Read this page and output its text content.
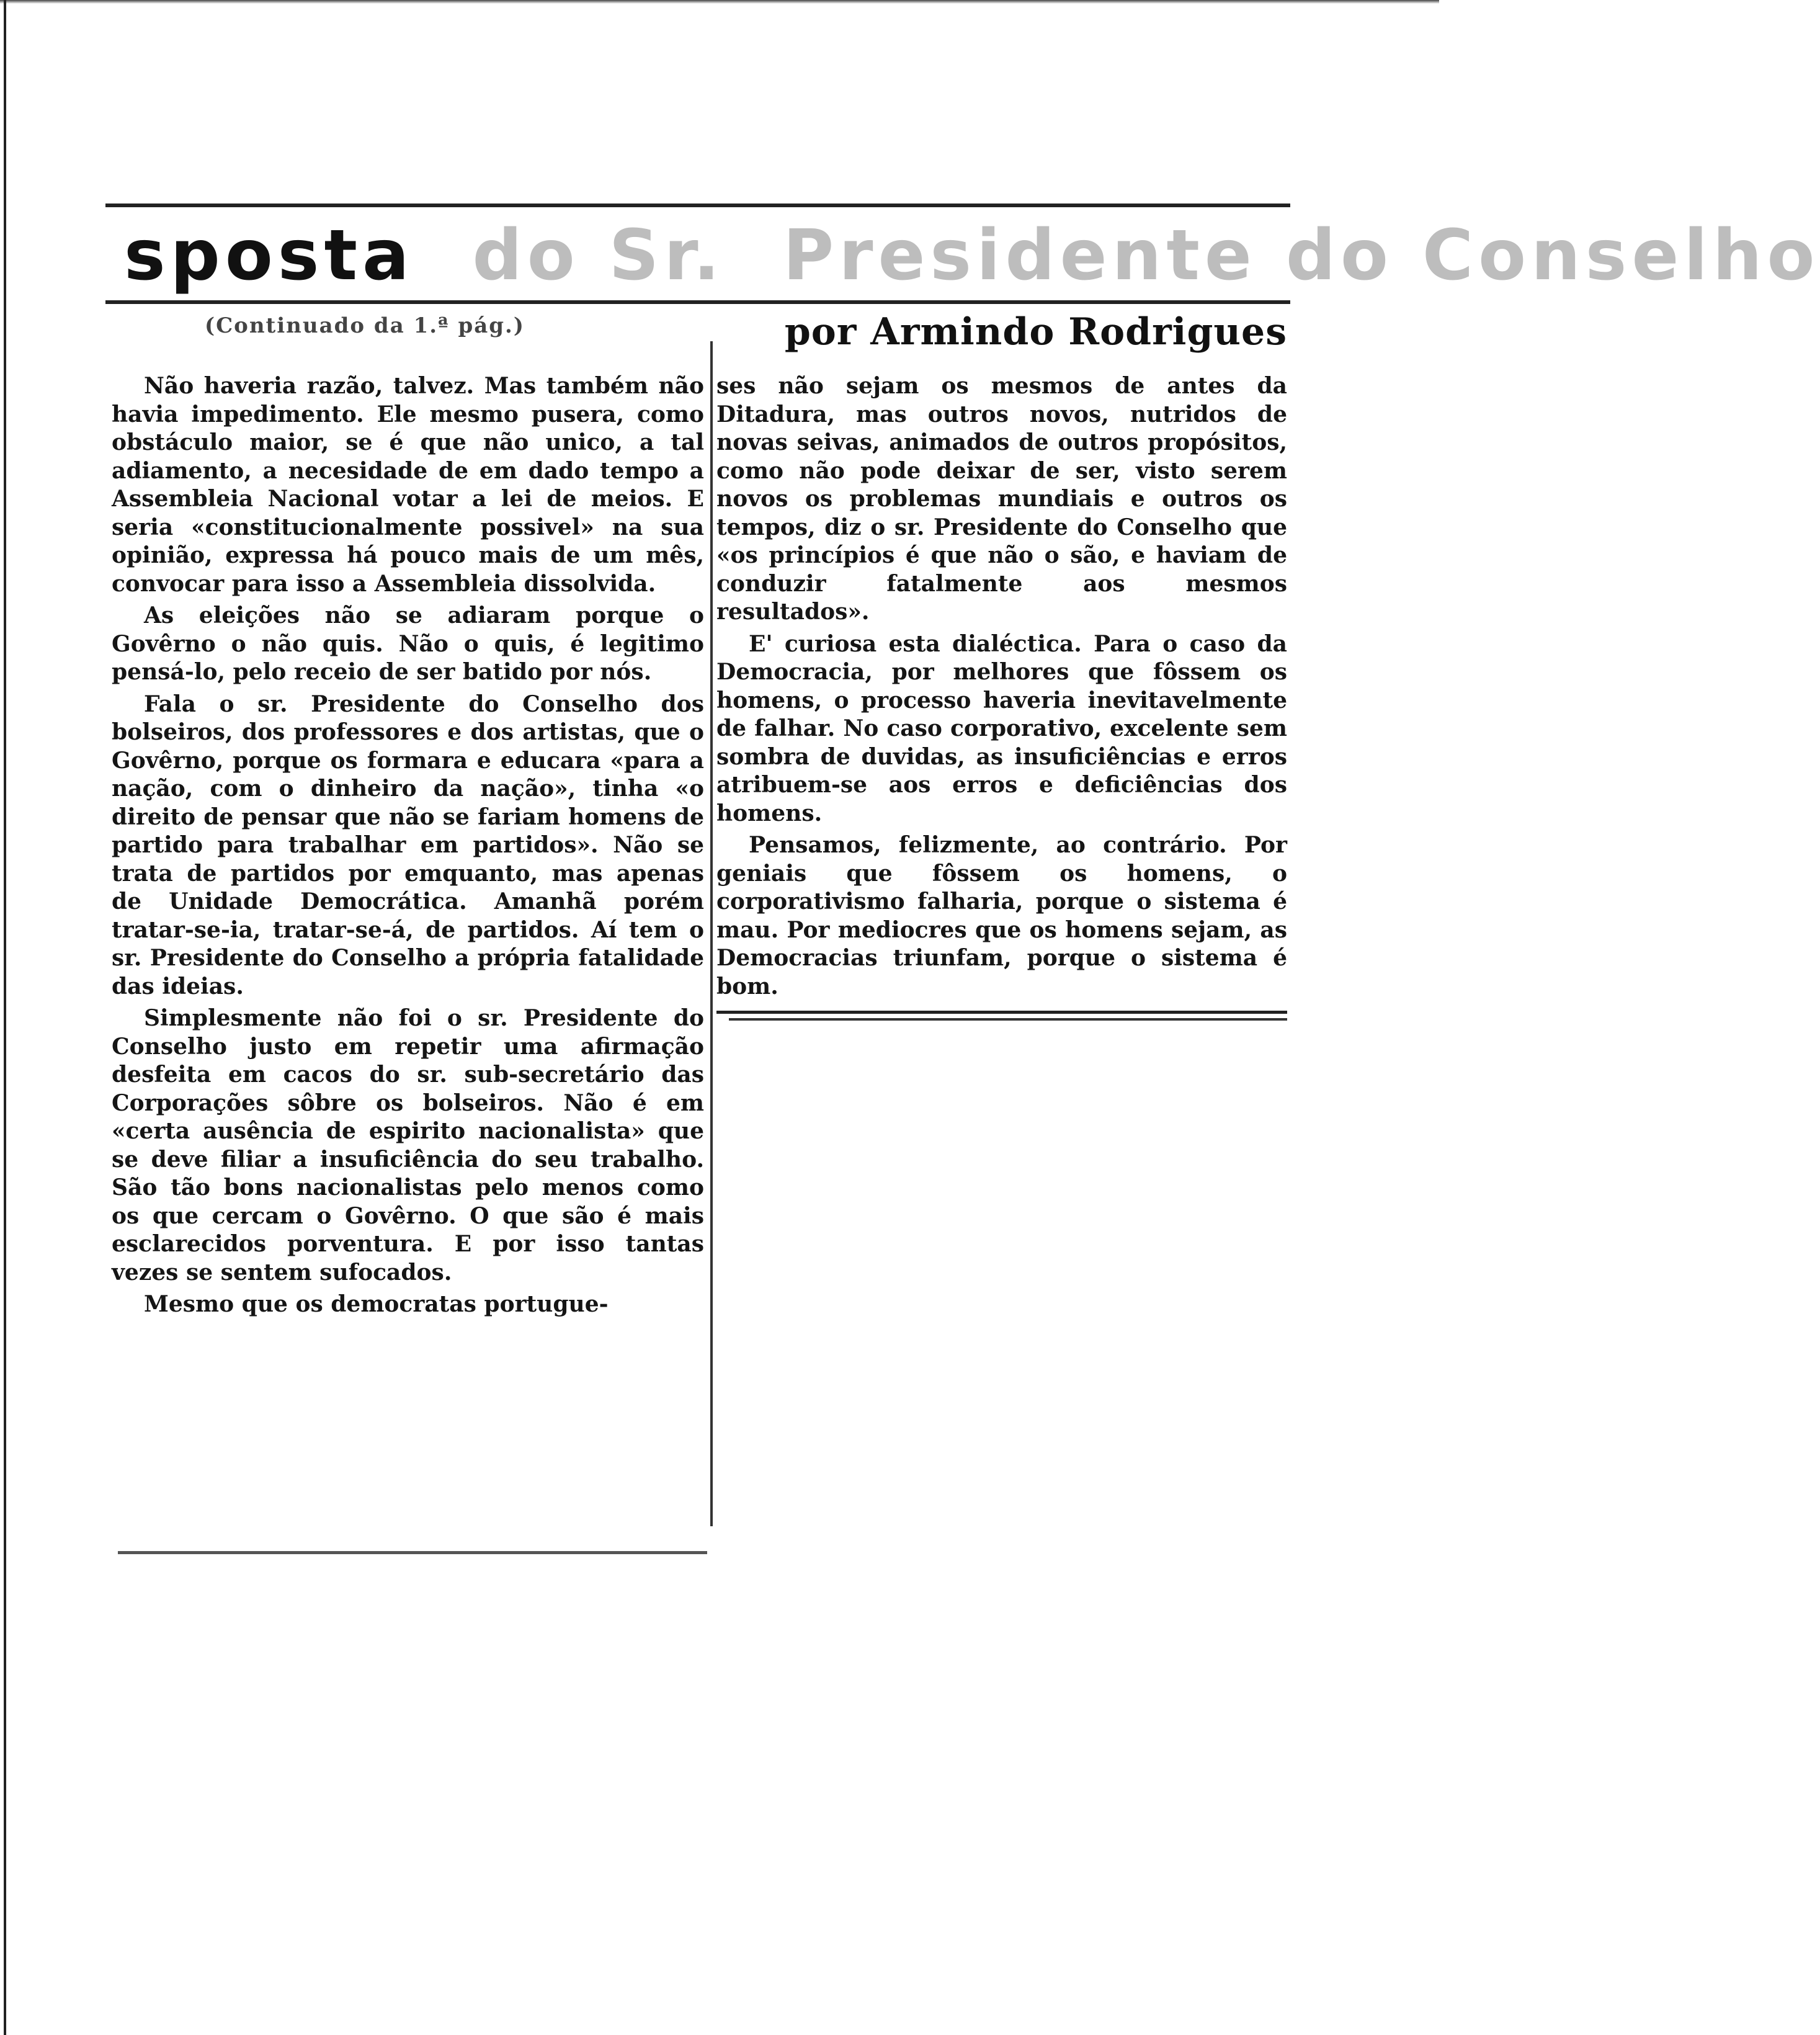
sposta do Sr. Presidente do Conselho
(Continuado da 1.ª pág.)

Não haveria razão, talvez. Mas também não havia impedimento. Ele mesmo pusera, como obstáculo maior, se é que não unico, a tal adiamento, a necesidade de em dado tempo a Assembleia Nacional votar a lei de meios. E seria «constitucionalmente possivel» na sua opinião, expressa há pouco mais de um mês, convocar para isso a Assembleia dissolvida.

As eleições não se adiaram porque o Govêrno o não quis. Não o quis, é legitimo pensá-lo, pelo receio de ser batido por nós.

Fala o sr. Presidente do Conselho dos bolseiros, dos professores e dos artistas, que o Govêrno, porque os formara e educara «para a nação, com o dinheiro da nação», tinha «o direito de pensar que não se fariam homens de partido para trabalhar em partidos». Não se trata de partidos por emquanto, mas apenas de Unidade Democrática. Amanhã porém tratar-se-ia, tratar-se-á, de partidos. Aí tem o sr. Presidente do Conselho a própria fatalidade das ideias.

Simplesmente não foi o sr. Presidente do Conselho justo em repetir uma afirmação desfeita em cacos do sr. sub-secretário das Corporações sôbre os bolseiros. Não é em «certa ausência de espirito nacionalista» que se deve filiar a insuficiência do seu trabalho. São tão bons nacionalistas pelo menos como os que cercam o Govêrno. O que são é mais esclarecidos porventura. E por isso tantas vezes se sentem sufocados.

Mesmo que os democratas portugue-

por Armindo Rodrigues

ses não sejam os mesmos de antes da Ditadura, mas outros novos, nutridos de novas seivas, animados de outros propósitos, como não pode deixar de ser, visto serem novos os problemas mundiais e outros os tempos, diz o sr. Presidente do Conselho que «os princípios é que não o são, e haviam de conduzir fatalmente aos mesmos resultados».

E' curiosa esta dialéctica. Para o caso da Democracia, por melhores que fôssem os homens, o processo haveria inevitavelmente de falhar. No caso corporativo, excelente sem sombra de duvidas, as insuficiências e erros atribuem-se aos erros e deficiências dos homens.

Pensamos, felizmente, ao contrário. Por geniais que fôssem os homens, o corporativismo falharia, porque o sistema é mau. Por mediocres que os homens sejam, as Democracias triunfam, porque o sistema é bom.
